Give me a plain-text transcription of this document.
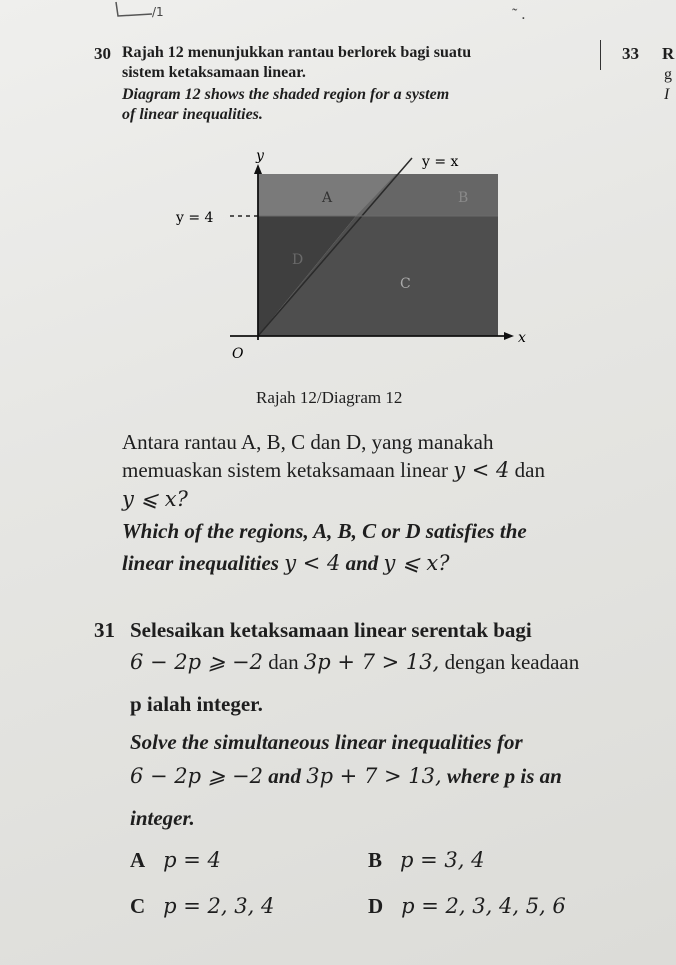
/1	˜ .
33 R
g
I
30 Rajah 12 menunjukkan rantau berlorek bagi suatu
sistem ketaksamaan linear.
Diagram 12 shows the shaded region for a system
of linear inequalities.
y
x
O
y = x
y = 4
A	B
C
D
Rajah 12/Diagram 12
Antara rantau A, B, C dan D, yang manakah
memuaskan sistem ketaksamaan linear y < 4 dan
y ⩽ x?
Which of the regions, A, B, C or D satisfies the
linear inequalities y < 4 and y ⩽ x?
31 Selesaikan ketaksamaan linear serentak bagi
6 − 2p ⩾ −2 dan 3p + 7 > 13, dengan keadaan
p ialah integer.
Solve the simultaneous linear inequalities for
6 − 2p ⩾ −2 and 3p + 7 > 13, where p is an
integer.
A p = 4	B p = 3, 4
C p = 2, 3, 4	D p = 2, 3, 4, 5, 6
